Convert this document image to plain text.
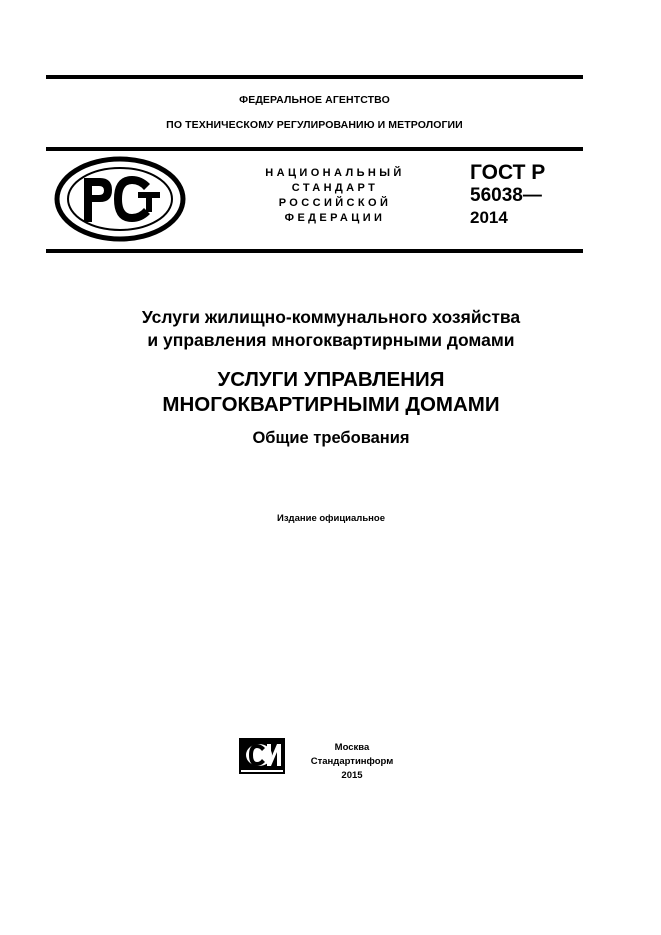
ФЕДЕРАЛЬНОЕ АГЕНТСТВО
ПО ТЕХНИЧЕСКОМУ РЕГУЛИРОВАНИЮ И МЕТРОЛОГИИ
НАЦИОНАЛЬНЫЙ
СТАНДАРТ
РОССИЙСКОЙ
ФЕДЕРАЦИИ
ГОСТ Р
56038—
2014
Услуги жилищно-коммунального хозяйства
и управления многоквартирными домами
УСЛУГИ УПРАВЛЕНИЯ
МНОГОКВАРТИРНЫМИ ДОМАМИ
Общие требования
Издание официальное
Москва
Стандартинформ
2015
